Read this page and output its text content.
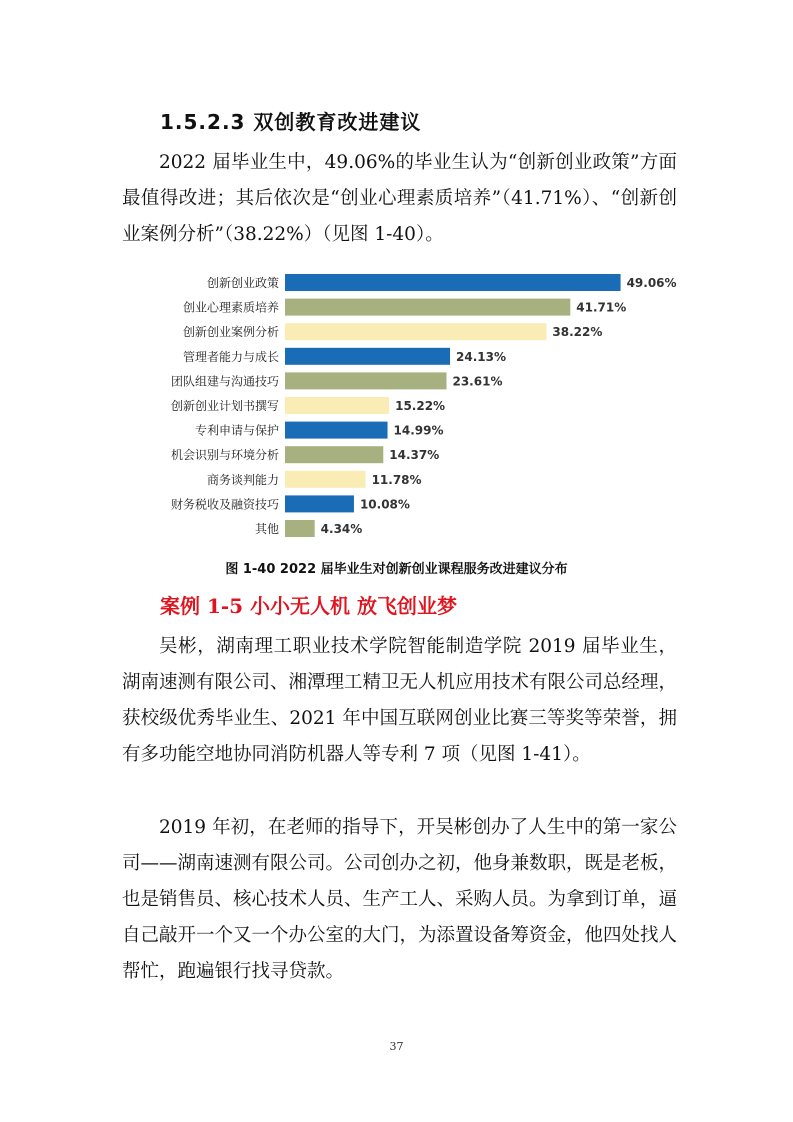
1.5.2.3 双创教育改进建议

2022 届毕业生中，49.06%的毕业生认为“创新创业政策”方面最值得改进；其后依次是“创业心理素质培养”（41.71%）、“创新创业案例分析”（38.22%）（见图 1-40）。

创新创业政策	49.06%
创业心理素质培养	41.71%
创新创业案例分析	38.22%
管理者能力与成长	24.13%
团队组建与沟通技巧	23.61%
创新创业计划书撰写	15.22%
专利申请与保护	14.99%
机会识别与环境分析	14.37%
商务谈判能力	11.78%
财务税收及融资技巧	10.08%
其他	4.34%
图 1-40 2022 届毕业生对创新创业课程服务改进建议分布
案例 1-5 小小无人机 放飞创业梦

吴彬，湖南理工职业技术学院智能制造学院 2019 届毕业生，湖南速测有限公司、湘潭理工精卫无人机应用技术有限公司总经理，获校级优秀毕业生、2021 年中国互联网创业比赛三等奖等荣誉，拥有多功能空地协同消防机器人等专利 7 项（见图 1-41）。

2019 年初，在老师的指导下，开吴彬创办了人生中的第一家公司——湖南速测有限公司。公司创办之初，他身兼数职，既是老板，也是销售员、核心技术人员、生产工人、采购人员。为拿到订单，逼自己敲开一个又一个办公室的大门，为添置设备筹资金，他四处找人帮忙，跑遍银行找寻贷款。

37
